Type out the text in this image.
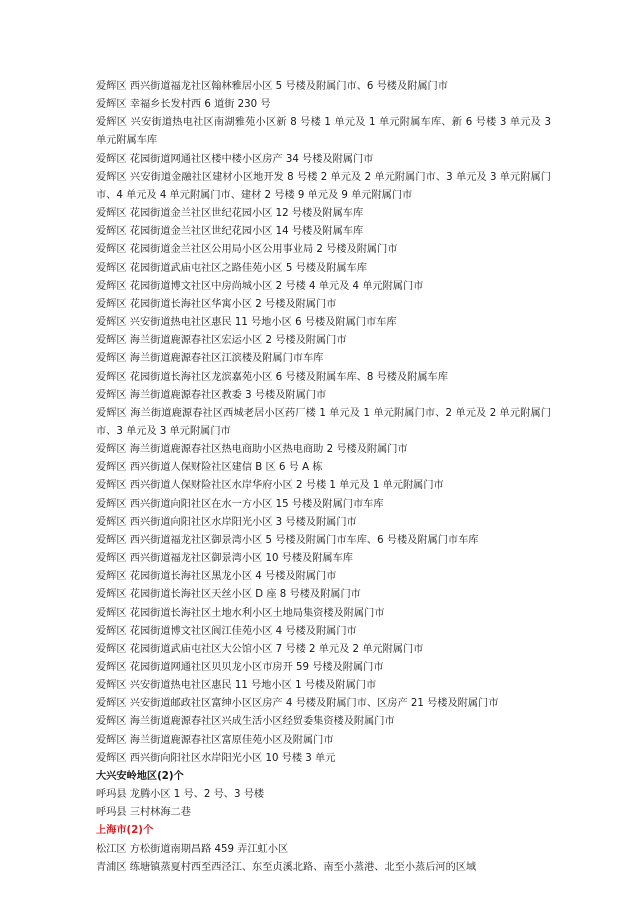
爱辉区 西兴街道福龙社区翰林雅居小区 5 号楼及附属门市、6 号楼及附属门市
爱辉区 幸福乡长发村西 6 道街 230 号
爱辉区 兴安街道热电社区南湖雅苑小区新 8 号楼 1 单元及 1 单元附属车库、新 6 号楼 3 单元及 3 单元附属车库
爱辉区 花园街道网通社区楼中楼小区房产 34 号楼及附属门市
爱辉区 兴安街道金融社区建材小区地开发 8 号楼 2 单元及 2 单元附属门市、3 单元及 3 单元附属门市、4 单元及 4 单元附属门市、建材 2 号楼 9 单元及 9 单元附属门市
爱辉区 花园街道金兰社区世纪花园小区 12 号楼及附属车库
爱辉区 花园街道金兰社区世纪花园小区 14 号楼及附属车库
爱辉区 花园街道金兰社区公用局小区公用事业局 2 号楼及附属门市
爱辉区 花园街道武庙屯社区之路佳苑小区 5 号楼及附属车库
爱辉区 花园街道博文社区中房尚城小区 2 号楼 4 单元及 4 单元附属门市
爱辉区 花园街道长海社区华寓小区 2 号楼及附属门市
爱辉区 兴安街道热电社区惠民 11 号地小区 6 号楼及附属门市车库
爱辉区 海兰街道鹿源春社区宏运小区 2 号楼及附属门市
爱辉区 海兰街道鹿源春社区江滨楼及附属门市车库
爱辉区 花园街道长海社区龙滨嘉苑小区 6 号楼及附属车库、8 号楼及附属车库
爱辉区 海兰街道鹿源春社区教委 3 号楼及附属门市
爱辉区 海兰街道鹿源春社区西城老居小区药厂楼 1 单元及 1 单元附属门市、2 单元及 2 单元附属门市、3 单元及 3 单元附属门市
爱辉区 海兰街道鹿源春社区热电商助小区热电商助 2 号楼及附属门市
爱辉区 西兴街道人保财险社区建信 B 区 6 号 A 栋
爱辉区 西兴街道人保财险社区水岸华府小区 2 号楼 1 单元及 1 单元附属门市
爱辉区 西兴街道向阳社区在水一方小区 15 号楼及附属门市车库
爱辉区 西兴街道向阳社区水岸阳光小区 3 号楼及附属门市
爱辉区 西兴街道福龙社区御景湾小区 5 号楼及附属门市车库、6 号楼及附属门市车库
爱辉区 西兴街道福龙社区御景湾小区 10 号楼及附属车库
爱辉区 花园街道长海社区黑龙小区 4 号楼及附属门市
爱辉区 花园街道长海社区天丝小区 D 座 8 号楼及附属门市
爱辉区 花园街道长海社区土地水利小区土地局集资楼及附属门市
爱辉区 花园街道博文社区阆江佳苑小区 4 号楼及附属门市
爱辉区 花园街道武庙屯社区大公馆小区 7 号楼 2 单元及 2 单元附属门市
爱辉区 花园街道网通社区贝贝龙小区市房开 59 号楼及附属门市
爱辉区 兴安街道热电社区惠民 11 号地小区 1 号楼及附属门市
爱辉区 兴安街道邮政社区富绅小区区房产 4 号楼及附属门市、区房产 21 号楼及附属门市
爱辉区 海兰街道鹿源春社区兴成生活小区经贸委集资楼及附属门市
爱辉区 海兰街道鹿源春社区富原佳苑小区及附属门市
爱辉区 西兴街向阳社区水岸阳光小区 10 号楼 3 单元
大兴安岭地区(2)个
呼玛县 龙腾小区 1 号、2 号、3 号楼
呼玛县 三村林海二巷
上海市(2)个
松江区 方松街道南期昌路 459 弄江虹小区
青浦区 练塘镇蒸夏村西至西泾江、东至贞溪北路、南至小蒸港、北至小蒸后河的区域
